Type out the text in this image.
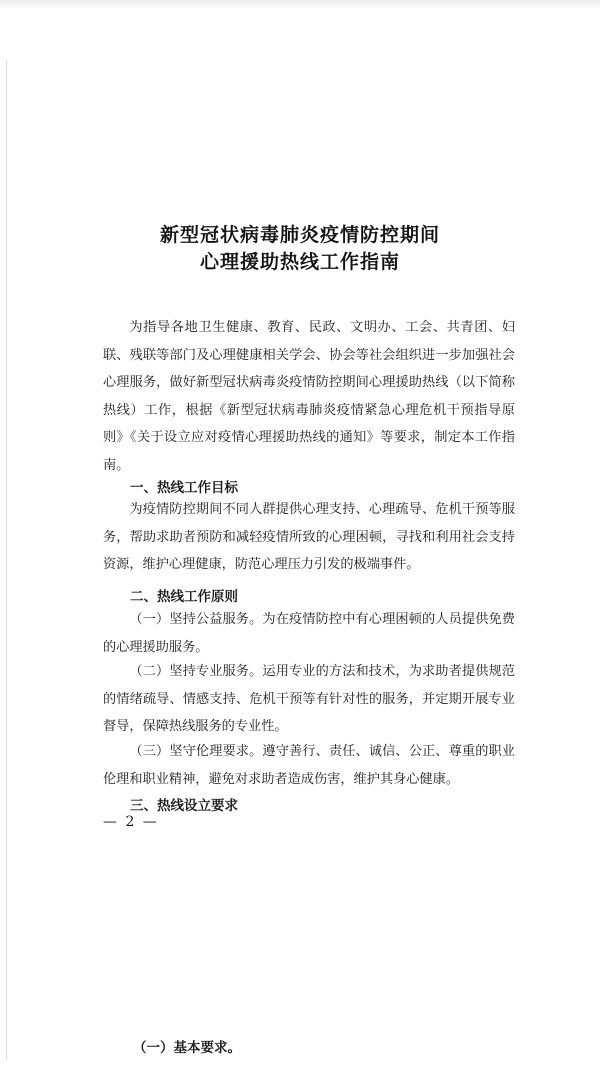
新型冠状病毒肺炎疫情防控期间
心理援助热线工作指南

为指导各地卫生健康、教育、民政、文明办、工会、共青团、妇联、残联等部门及心理健康相关学会、协会等社会组织进一步加强社会心理服务，做好新型冠状病毒炎疫情防控期间心理援助热线（以下简称热线）工作，根据《新型冠状病毒肺炎疫情紧急心理危机干预指导原则》《关于设立应对疫情心理援助热线的通知》等要求，制定本工作指南。

一、热线工作目标

为疫情防控期间不同人群提供心理支持、心理疏导、危机干预等服务，帮助求助者预防和减轻疫情所致的心理困顿，寻找和利用社会支持资源，维护心理健康，防范心理压力引发的极端事件。

二、热线工作原则

（一）坚持公益服务。为在疫情防控中有心理困顿的人员提供免费的心理援助服务。

（二）坚持专业服务。运用专业的方法和技术，为求助者提供规范的情绪疏导、情感支持、危机干预等有针对性的服务，并定期开展专业督导，保障热线服务的专业性。

（三）坚守伦理要求。遵守善行、责任、诚信、公正、尊重的职业伦理和职业精神，避免对求助者造成伤害，维护其身心健康。

三、热线设立要求

— 2 —
（一）基本要求。
